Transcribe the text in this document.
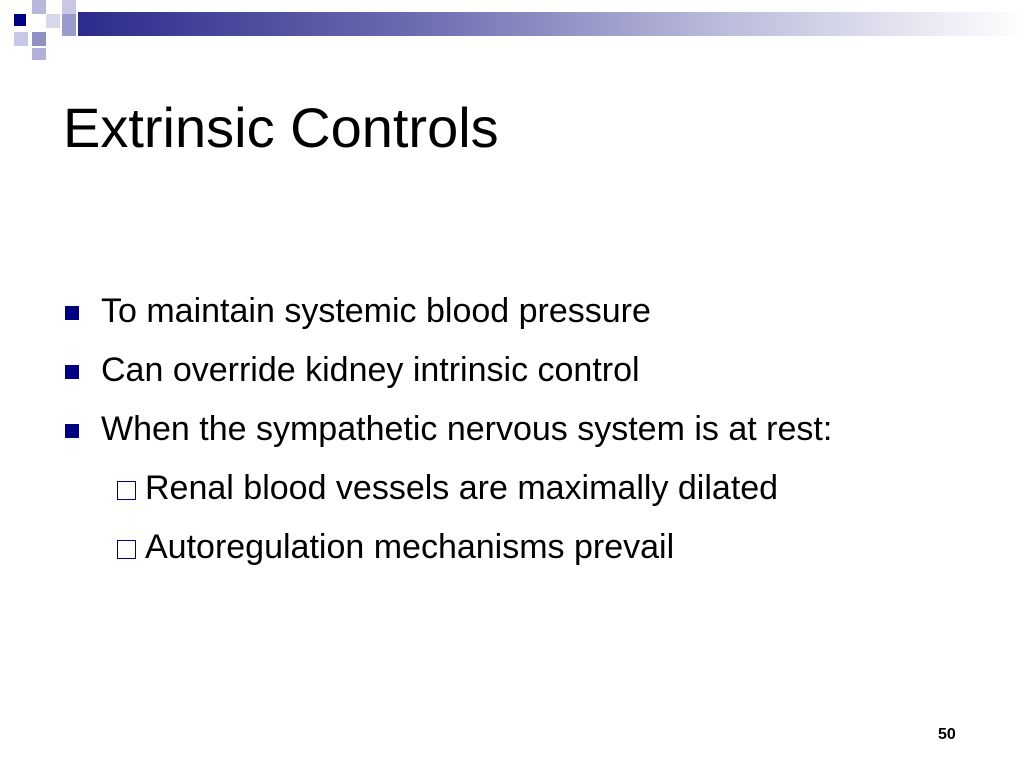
Extrinsic Controls
To maintain systemic blood pressure
Can override kidney intrinsic control
When the sympathetic nervous system is at rest:
Renal blood vessels are maximally dilated
Autoregulation mechanisms prevail
50
